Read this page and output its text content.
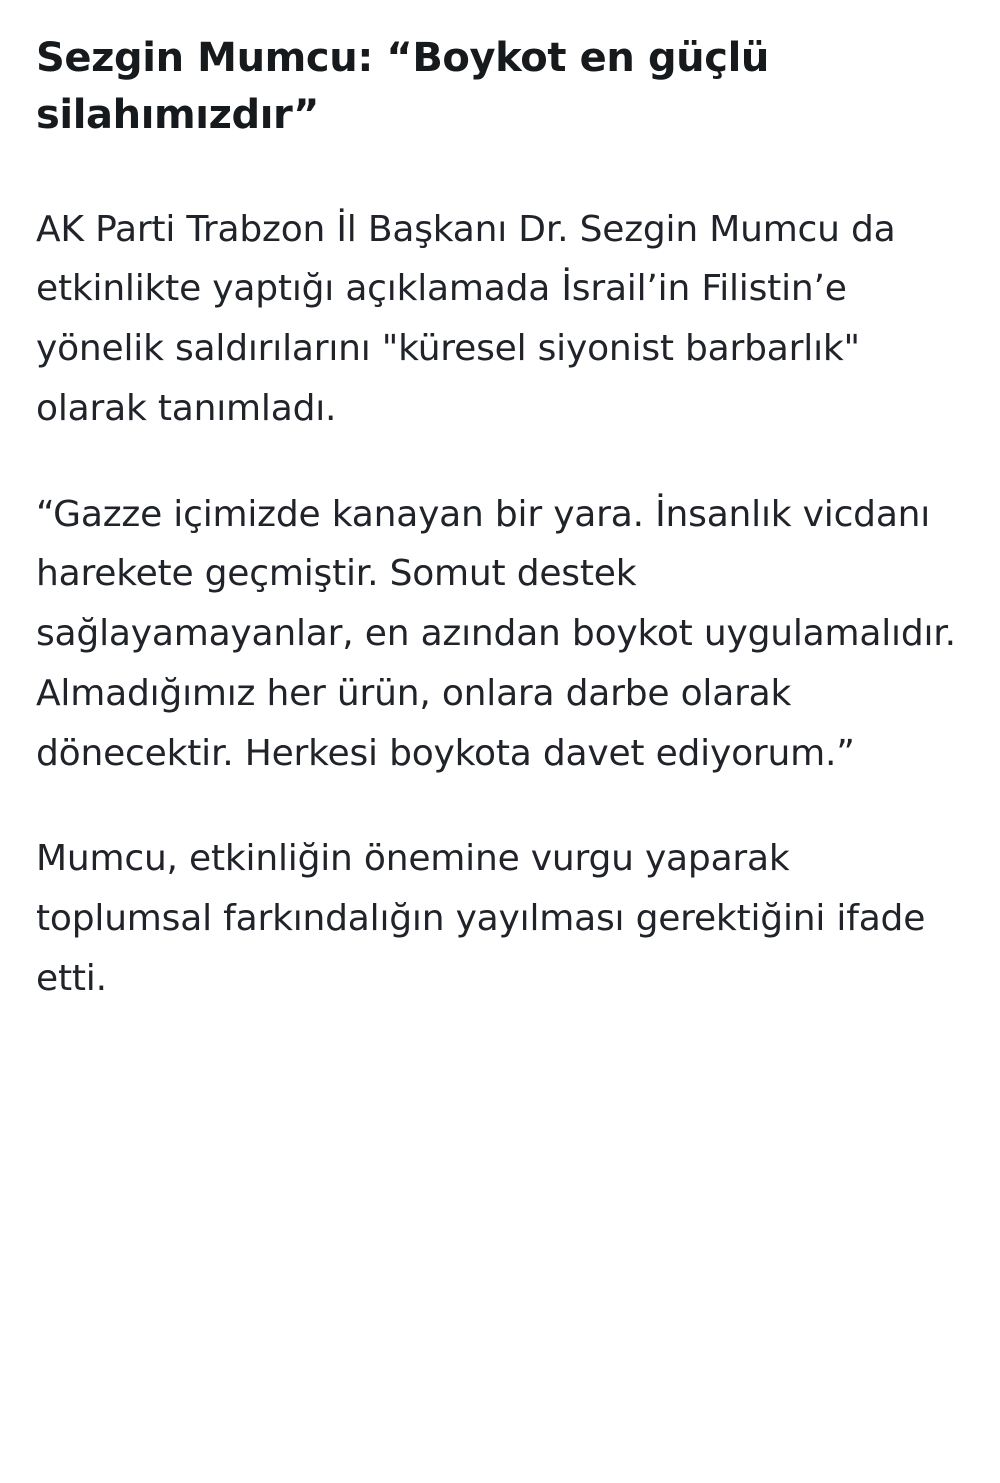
Sezgin Mumcu: “Boykot en güçlü silahımızdır”

AK Parti Trabzon İl Başkanı Dr. Sezgin Mumcu da etkinlikte yaptığı açıklamada İsrail’in Filistin’e yönelik saldırılarını "küresel siyonist barbarlık" olarak tanımladı.

“Gazze içimizde kanayan bir yara. İnsanlık vicdanı harekete geçmiştir. Somut destek sağlayamayanlar, en azından boykot uygulamalıdır. Almadığımız her ürün, onlara darbe olarak dönecektir. Herkesi boykota davet ediyorum.”

Mumcu, etkinliğin önemine vurgu yaparak toplumsal farkındalığın yayılması gerektiğini ifade etti.
